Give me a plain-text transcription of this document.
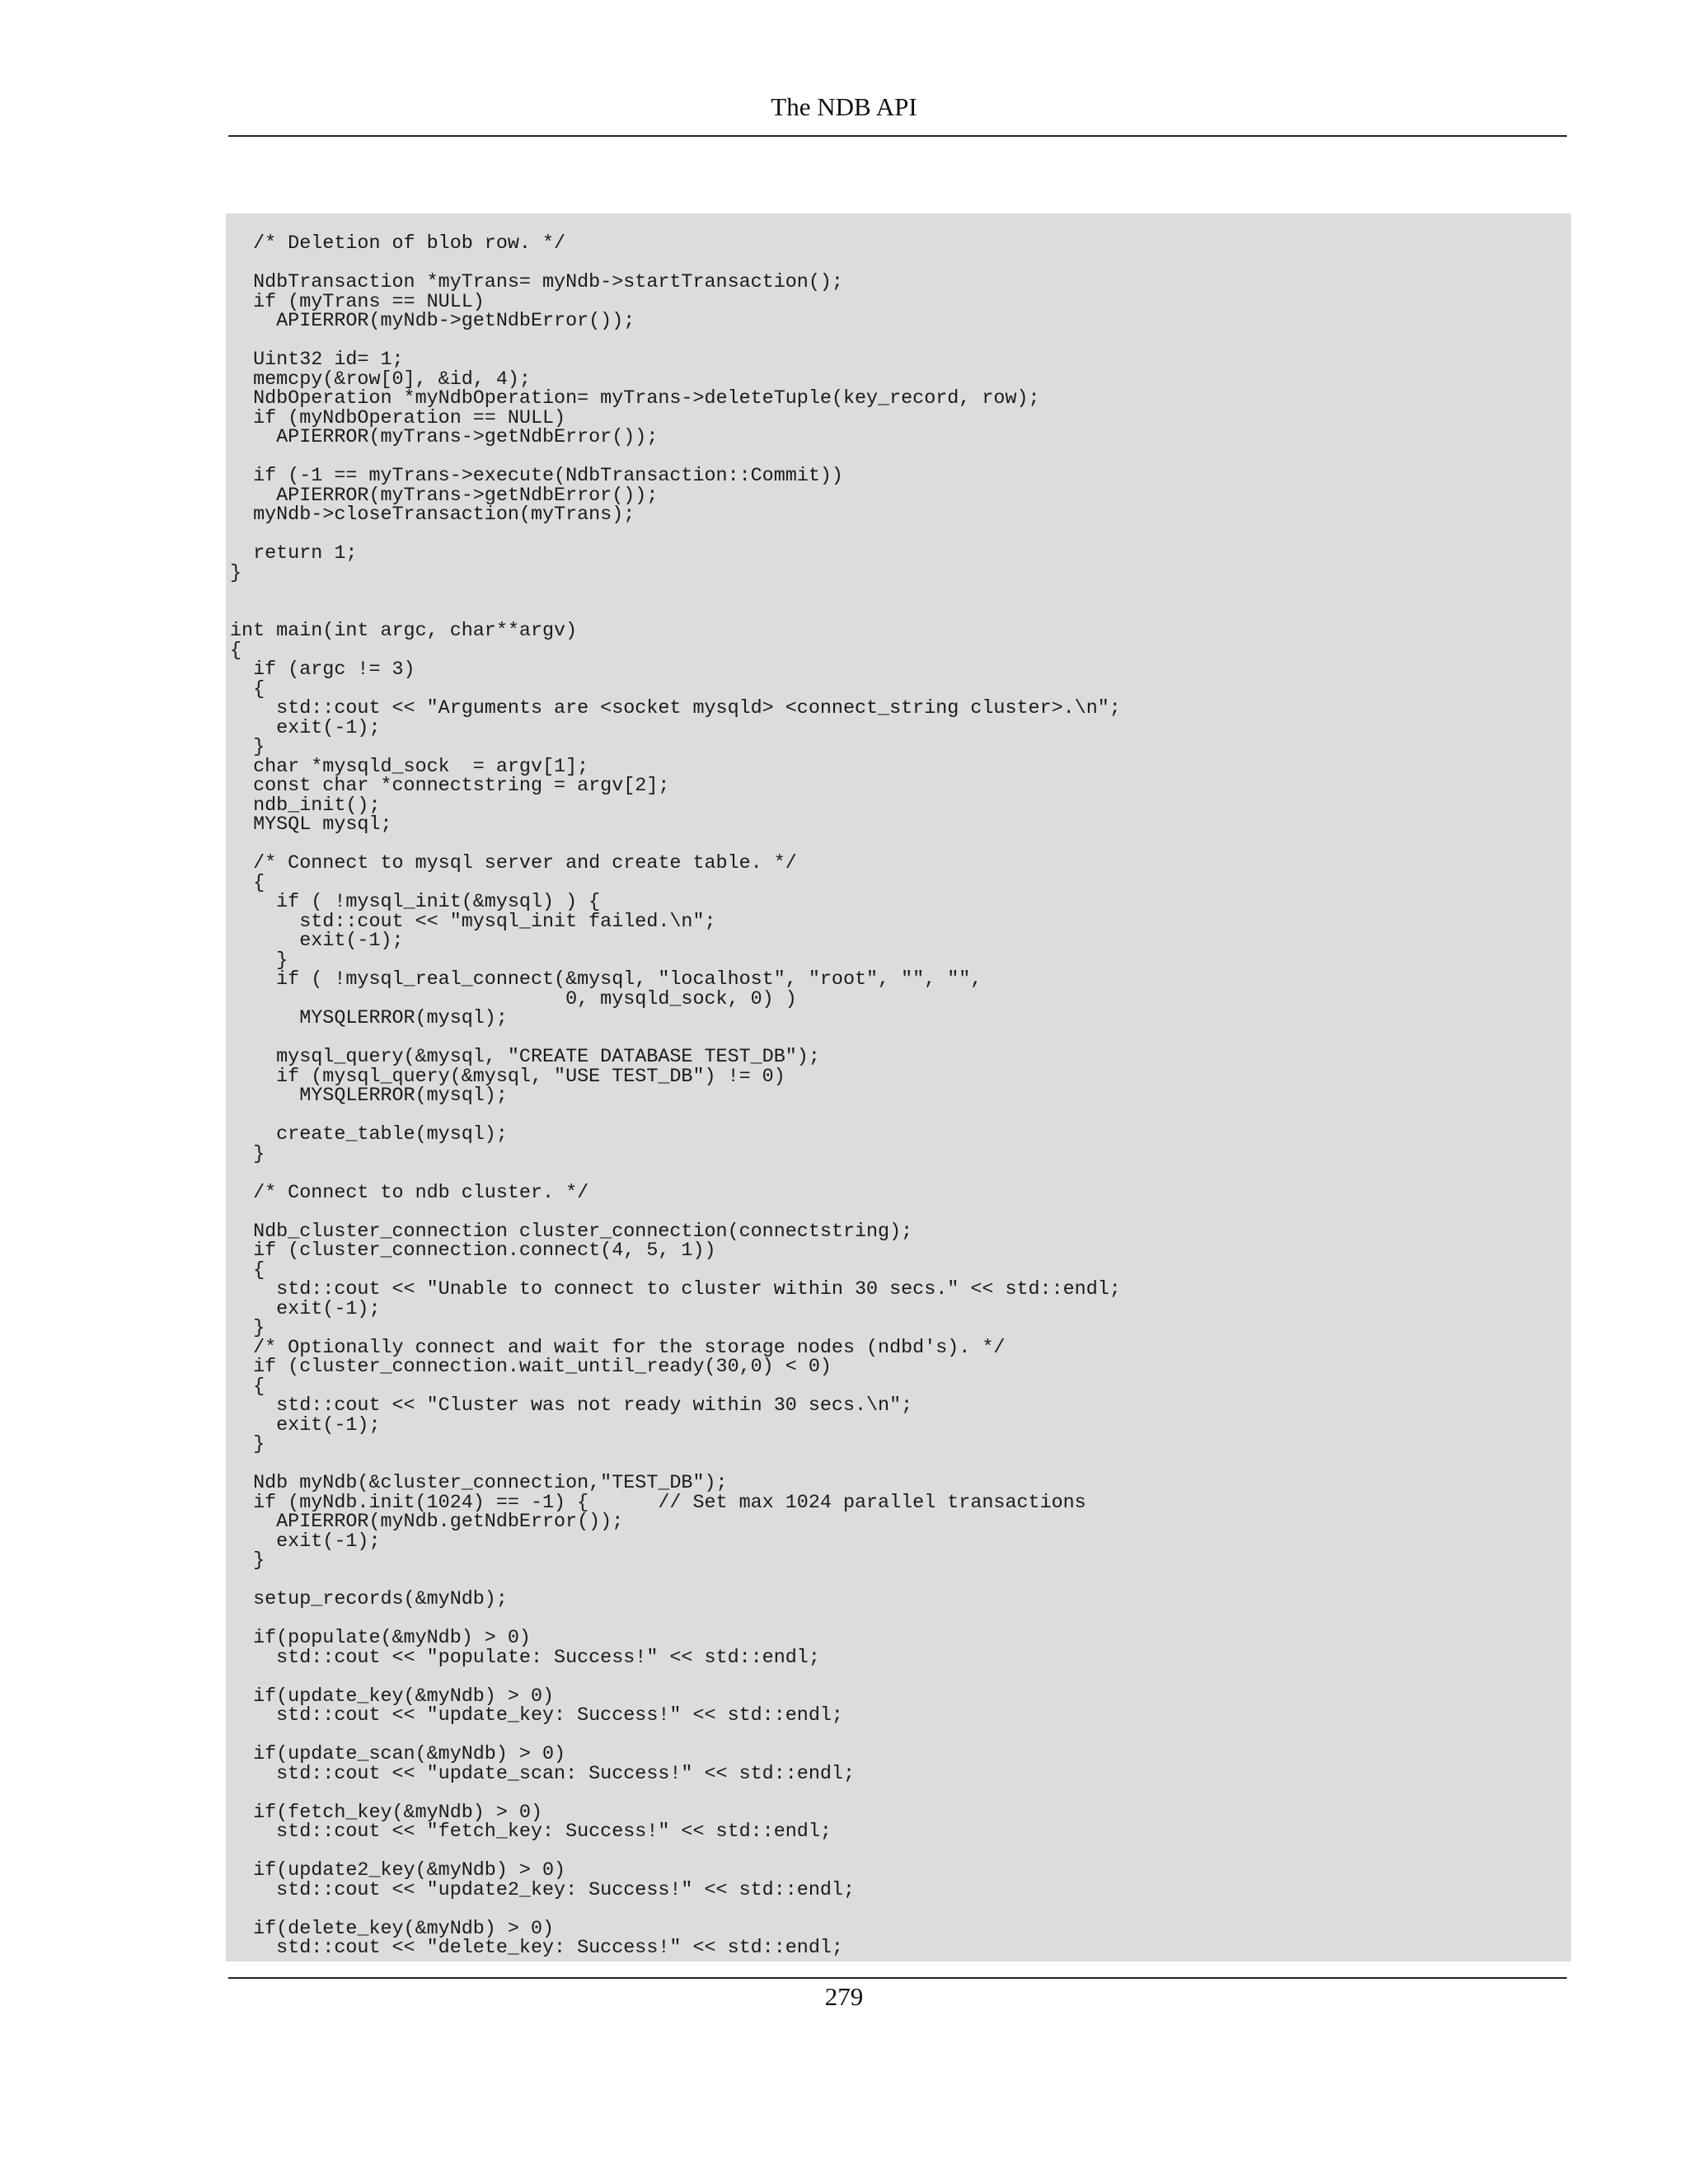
The NDB API
/* Deletion of blob row. */

NdbTransaction *myTrans= myNdb->startTransaction();
if (myTrans == NULL)
APIERROR(myNdb->getNdbError());

Uint32 id= 1;
memcpy(&row[0], &id, 4);
NdbOperation *myNdbOperation= myTrans->deleteTuple(key_record, row);
if (myNdbOperation == NULL)
APIERROR(myTrans->getNdbError());

if (-1 == myTrans->execute(NdbTransaction::Commit))
APIERROR(myTrans->getNdbError());
myNdb->closeTransaction(myTrans);

return 1;
}

int main(int argc, char**argv)
{
if (argc != 3)
{
std::cout << "Arguments are <socket mysqld> <connect_string cluster>.\n";
exit(-1);
}
char *mysqld_sock  = argv[1];
const char *connectstring = argv[2];
ndb_init();
MYSQL mysql;

/* Connect to mysql server and create table. */
{
if ( !mysql_init(&mysql) ) {
std::cout << "mysql_init failed.\n";
exit(-1);
}
if ( !mysql_real_connect(&mysql, "localhost", "root", "", "",
0, mysqld_sock, 0) )
MYSQLERROR(mysql);

mysql_query(&mysql, "CREATE DATABASE TEST_DB");
if (mysql_query(&mysql, "USE TEST_DB") != 0)
MYSQLERROR(mysql);

create_table(mysql);
}

/* Connect to ndb cluster. */

Ndb_cluster_connection cluster_connection(connectstring);
if (cluster_connection.connect(4, 5, 1))
{
std::cout << "Unable to connect to cluster within 30 secs." << std::endl;
exit(-1);
}
/* Optionally connect and wait for the storage nodes (ndbd's). */
if (cluster_connection.wait_until_ready(30,0) < 0)
{
std::cout << "Cluster was not ready within 30 secs.\n";
exit(-1);
}

Ndb myNdb(&cluster_connection,"TEST_DB");
if (myNdb.init(1024) == -1) {      // Set max 1024 parallel transactions
APIERROR(myNdb.getNdbError());
exit(-1);
}

setup_records(&myNdb);

if(populate(&myNdb) > 0)
std::cout << "populate: Success!" << std::endl;

if(update_key(&myNdb) > 0)
std::cout << "update_key: Success!" << std::endl;

if(update_scan(&myNdb) > 0)
std::cout << "update_scan: Success!" << std::endl;

if(fetch_key(&myNdb) > 0)
std::cout << "fetch_key: Success!" << std::endl;

if(update2_key(&myNdb) > 0)
std::cout << "update2_key: Success!" << std::endl;

if(delete_key(&myNdb) > 0)
std::cout << "delete_key: Success!" << std::endl;

279
